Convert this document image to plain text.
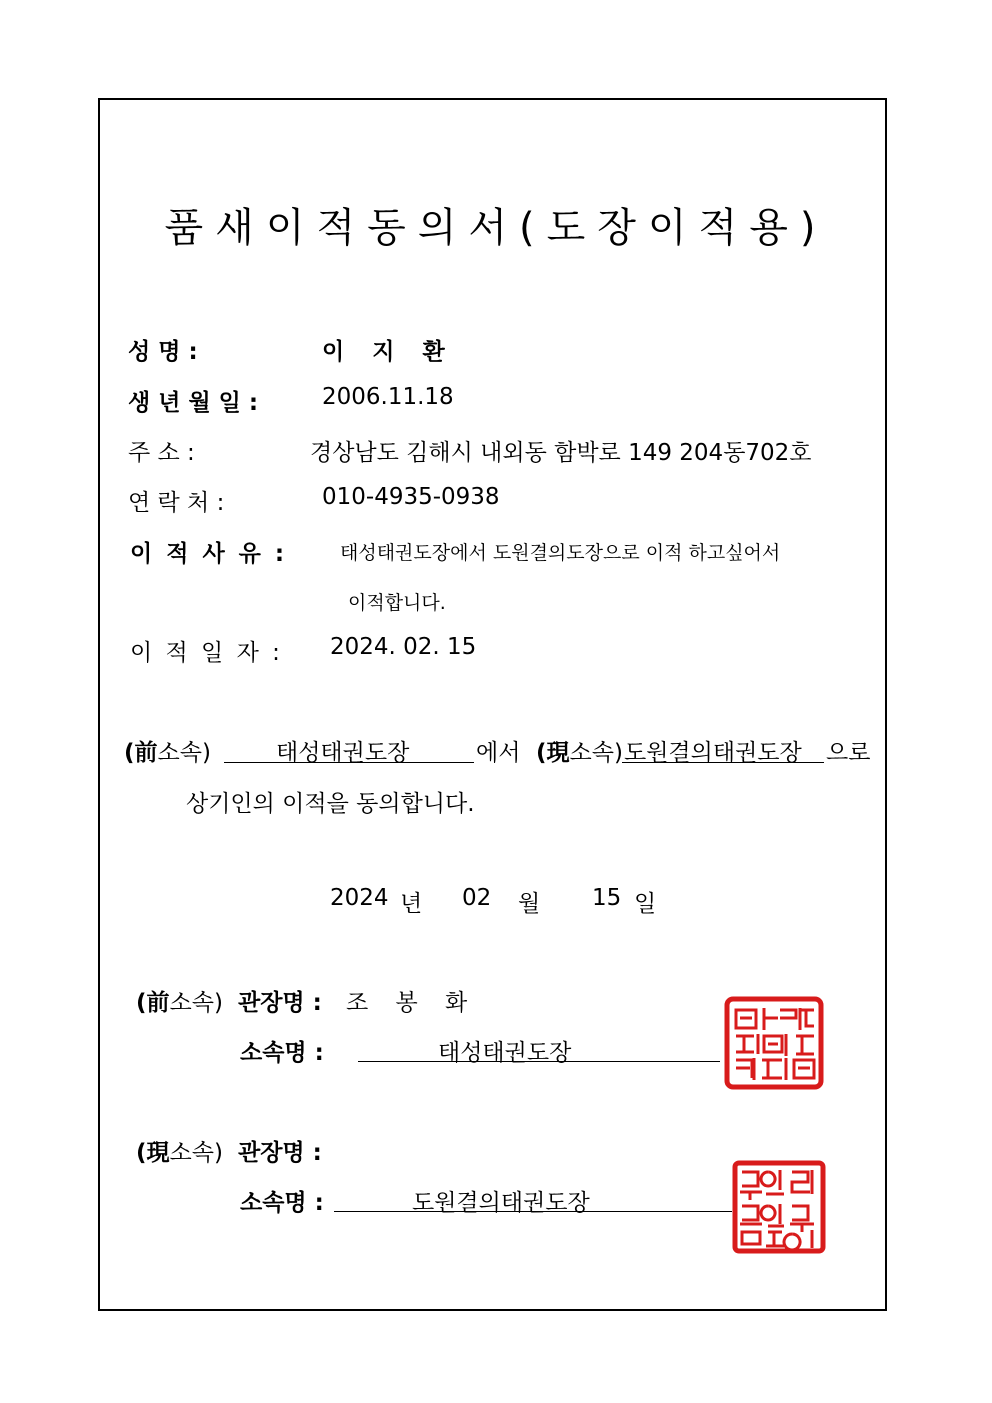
품새이적동의서(도장이적용)
성 명 :	이 지 환
생 년 월 일 :	2006.11.18
주 소 :	경상남도 김해시 내외동 함박로 149 204동702호
연 락 처 :	010-4935-0938
이 적 사 유 :	태성태권도장에서 도원결의도장으로 이적 하고싶어서
이적합니다.
이 적 일 자 : 2024. 02. 15
(前소속)	태성태권도장	에서 (現소속) 도원결의태권도장 으로
상기인의 이적을 동의합니다.
2024 년 02 월 15 일
(前소속) 관장명 : 조 봉 화
소속명 :	태성태권도장
(現소속) 관장명 :
소속명 :	도원결의태권도장
